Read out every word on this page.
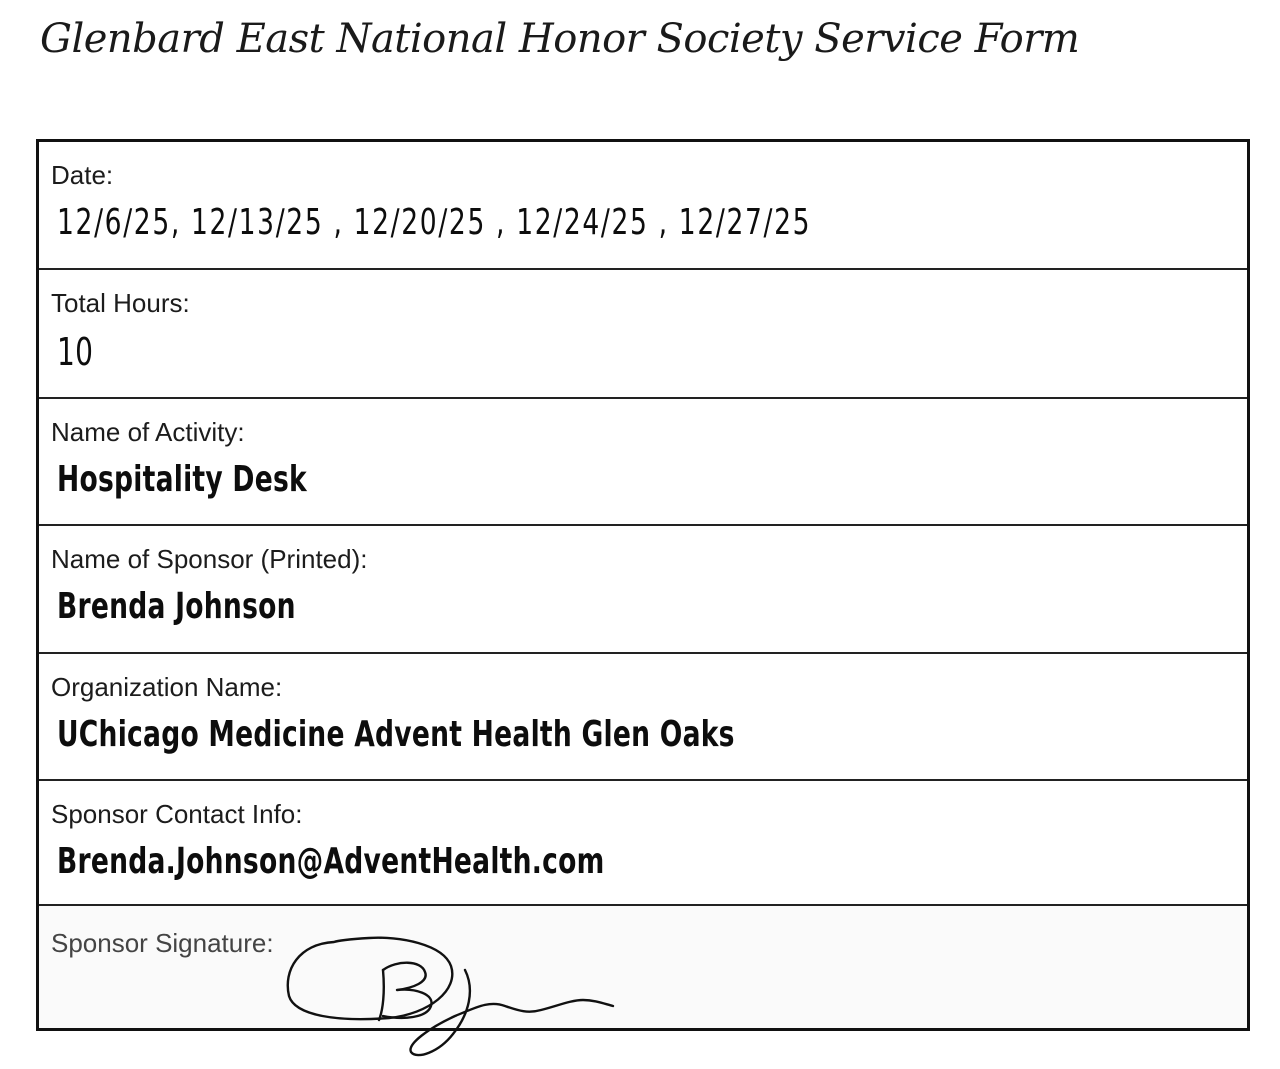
Glenbard East National Honor Society Service Form
Date:
12/6/25, 12/13/25 , 12/20/25 , 12/24/25 , 12/27/25
Total Hours:
10
Name of Activity:
Hospitality Desk
Name of Sponsor (Printed):
Brenda Johnson
Organization Name:
UChicago Medicine Advent Health Glen Oaks
Sponsor Contact Info:
Brenda.Johnson@AdventHealth.com
Sponsor Signature:
